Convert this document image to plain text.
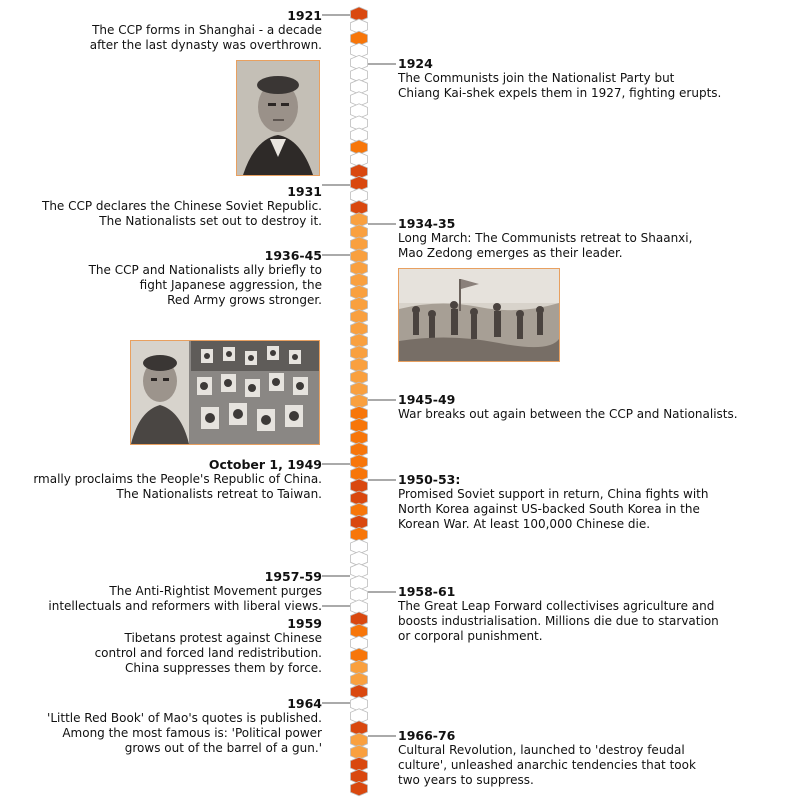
1921
The CCP forms in Shanghai - a decade
after the last dynasty was overthrown.
1931
The CCP declares the Chinese Soviet Republic.
The Nationalists set out to destroy it.
1936-45
The CCP and Nationalists ally briefly to
fight Japanese aggression, the
Red Army grows stronger.
October 1, 1949
rmally proclaims the People's Republic of China.
The Nationalists retreat to Taiwan.
1957-59
The Anti-Rightist Movement purges
intellectuals and reformers with liberal views.
1959
Tibetans protest against Chinese
control and forced land redistribution.
China suppresses them by force.
1964
'Little Red Book' of Mao's quotes is published.
Among the most famous is: 'Political power
grows out of the barrel of a gun.'
1924
The Communists join the Nationalist Party but
Chiang Kai-shek expels them in 1927, fighting erupts.
1934-35
Long March: The Communists retreat to Shaanxi,
Mao Zedong emerges as their leader.
1945-49
War breaks out again between the CCP and Nationalists.
1950-53:
Promised Soviet support in return, China fights with
North Korea against US-backed South Korea in the
Korean War. At least 100,000 Chinese die.
1958-61
The Great Leap Forward collectivises agriculture and
boosts industrialisation. Millions die due to starvation
or corporal punishment.
1966-76
Cultural Revolution, launched to 'destroy feudal
culture', unleashed anarchic tendencies that took
two years to suppress.
